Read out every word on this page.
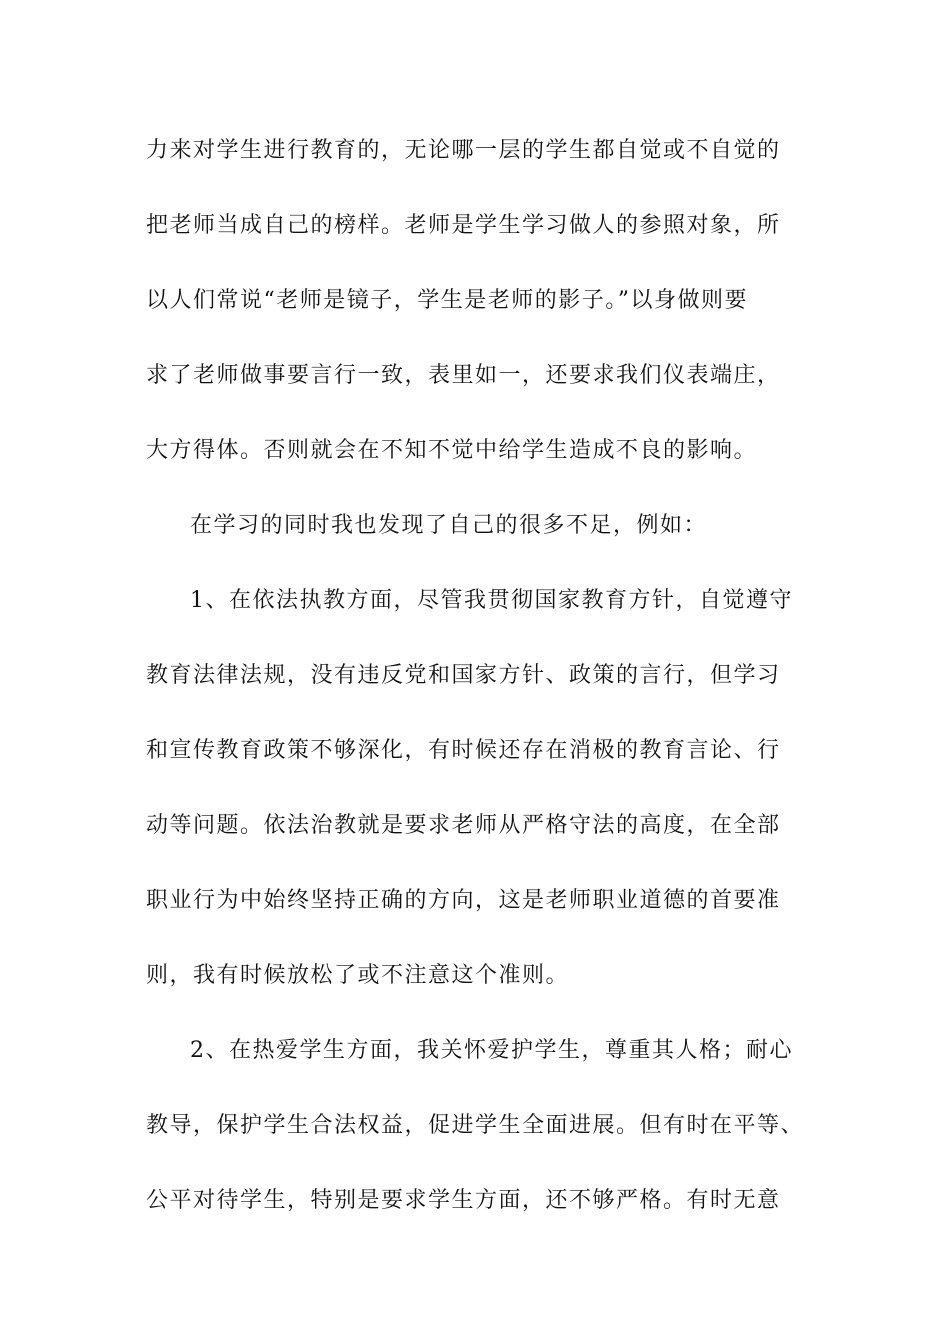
力来对学生进行教育的，无论哪一层的学生都自觉或不自觉的
把老师当成自己的榜样。老师是学生学习做人的参照对象，所
以人们常说“老师是镜子，学生是老师的影子。”以身做则要
求了老师做事要言行一致，表里如一，还要求我们仪表端庄，
大方得体。否则就会在不知不觉中给学生造成不良的影响。
在学习的同时我也发现了自己的很多不足，例如：
1、在依法执教方面，尽管我贯彻国家教育方针，自觉遵守
教育法律法规，没有违反党和国家方针、政策的言行，但学习
和宣传教育政策不够深化，有时候还存在消极的教育言论、行
动等问题。依法治教就是要求老师从严格守法的高度，在全部
职业行为中始终坚持正确的方向，这是老师职业道德的首要准
则，我有时候放松了或不注意这个准则。
2、在热爱学生方面，我关怀爱护学生，尊重其人格；耐心
教导，保护学生合法权益，促进学生全面进展。但有时在平等、
公平对待学生，特别是要求学生方面，还不够严格。有时无意
